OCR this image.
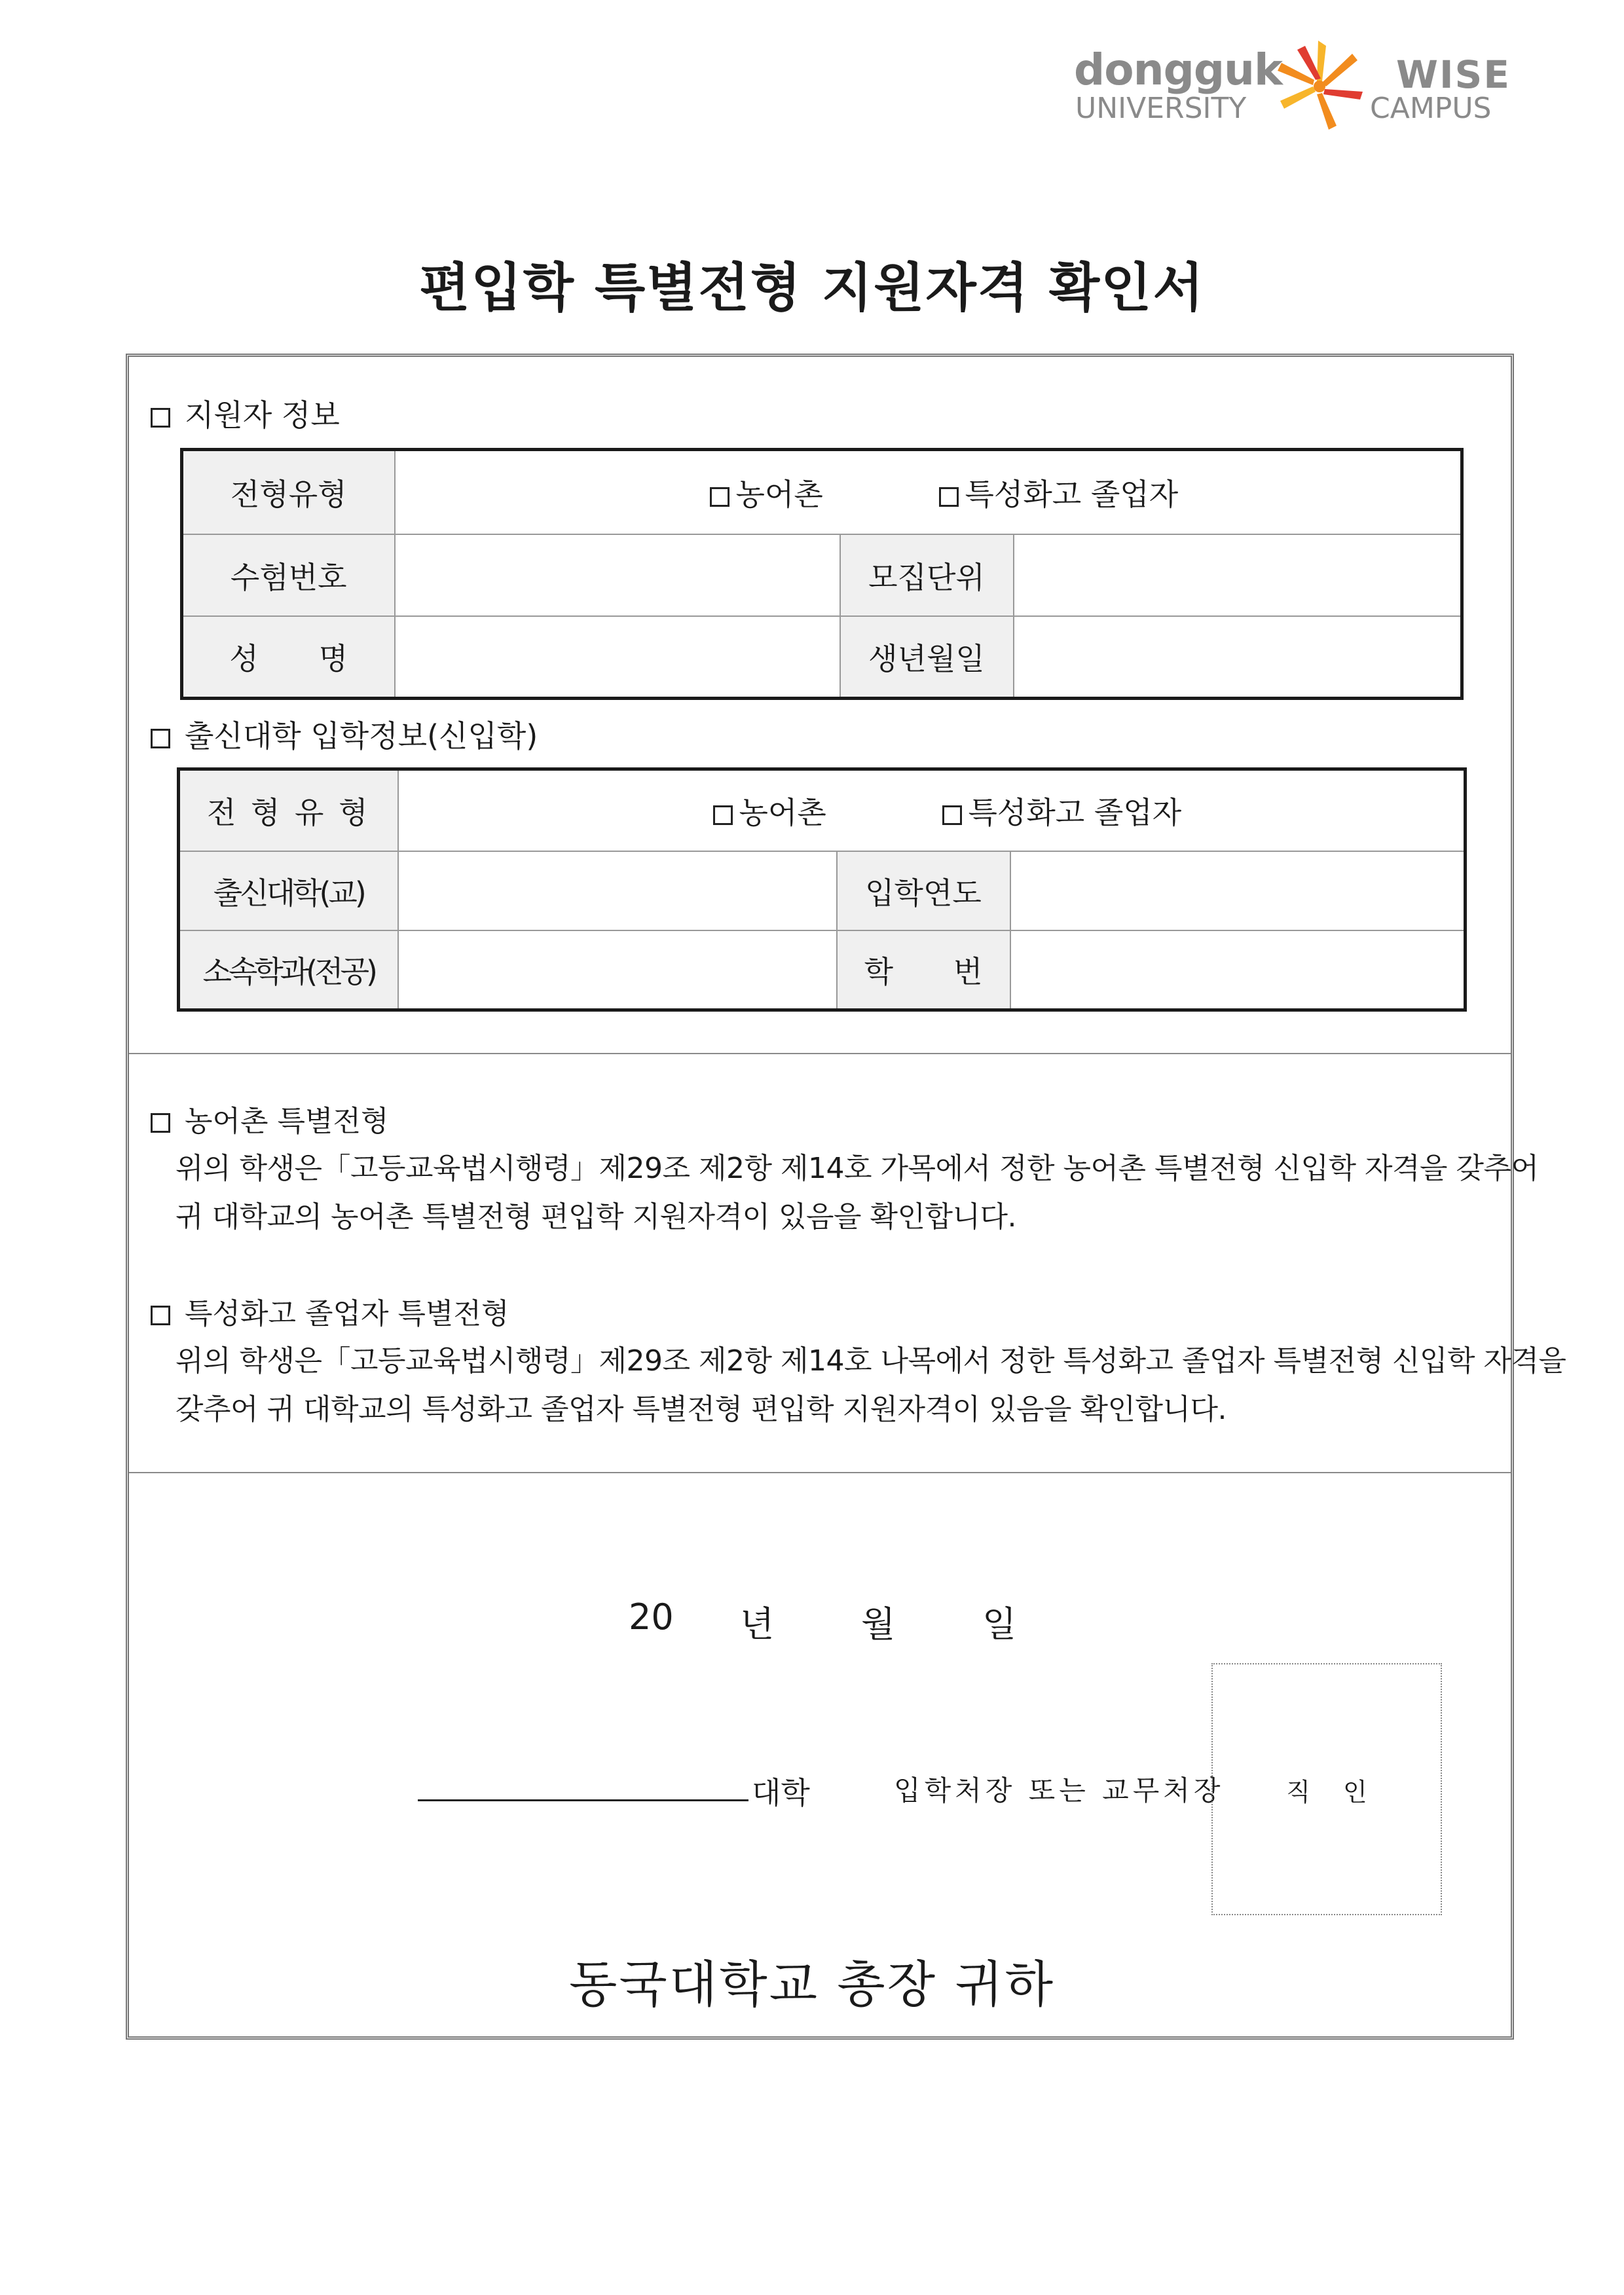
dongguk
UNIVERSITY
WISE
CAMPUS
편입학 특별전형 지원자격 확인서
지원자 정보
전형유형	농어촌 특성화고 졸업자		

수험번호		모집단위	
성　　명		생년월일	
출신대학 입학정보(신입학)
전 형 유 형	농어촌 특성화고 졸업자		

출신대학(교)		입학연도	
소속학과(전공)		학　　번	
농어촌 특별전형
위의 학생은「고등교육법시행령」제29조 제2항 제14호 가목에서 정한 농어촌 특별전형 신입학 자격을 갖추어
귀 대학교의 농어촌 특별전형 편입학 지원자격이 있음을 확인합니다.
특성화고 졸업자 특별전형
위의 학생은「고등교육법시행령」제29조 제2항 제14호 나목에서 정한 특성화고 졸업자 특별전형 신입학 자격을
갖추어 귀 대학교의 특성화고 졸업자 특별전형 편입학 지원자격이 있음을 확인합니다.
20 년 월 일
대학	입학처장 또는 교무처장	직 인
동국대학교 총장 귀하
